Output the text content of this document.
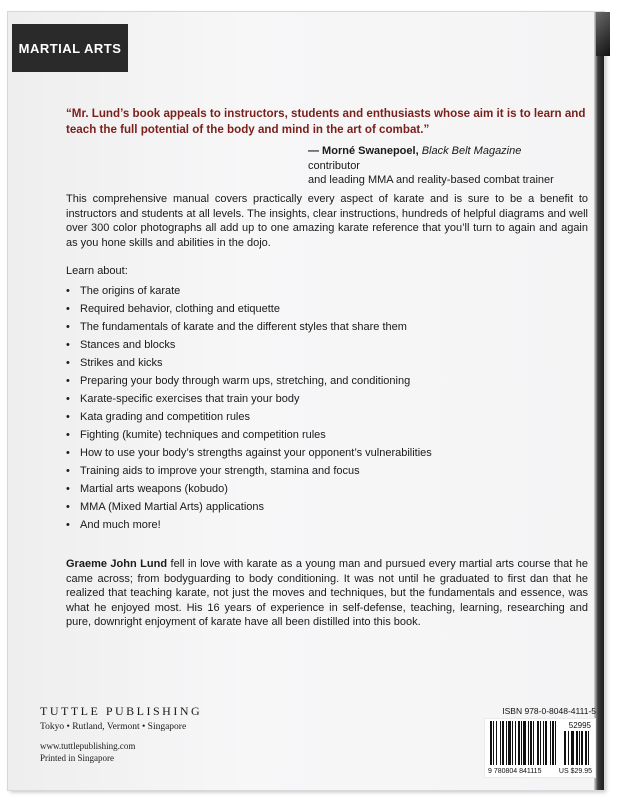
MARTIAL ARTS

“Mr. Lund’s book appeals to instructors, students and enthusiasts whose aim it is to learn and teach the full potential of the body and mind in the art of combat.”

— Morné Swanepoel, Black Belt Magazine contributor
and leading MMA and reality-based combat trainer

This comprehensive manual covers practically every aspect of karate and is sure to be a benefit to instructors and students at all levels. The insights, clear instructions, hundreds of helpful diagrams and well over 300 color photographs all add up to one amazing karate reference that you’ll turn to again and again as you hone skills and abilities in the dojo.

Learn about:

• The origins of karate
• Required behavior, clothing and etiquette
• The fundamentals of karate and the different styles that share them
• Stances and blocks
• Strikes and kicks
• Preparing your body through warm ups, stretching, and conditioning
• Karate-specific exercises that train your body
• Kata grading and competition rules
• Fighting (kumite) techniques and competition rules
• How to use your body’s strengths against your opponent’s vulnerabilities
• Training aids to improve your strength, stamina and focus
• Martial arts weapons (kobudo)
• MMA (Mixed Martial Arts) applications
• And much more!

Graeme John Lund fell in love with karate as a young man and pursued every martial arts course that he came across; from bodyguarding to body conditioning. It was not until he graduated to first dan that he realized that teaching karate, not just the moves and techniques, but the fundamentals and essence, was what he enjoyed most. His 16 years of experience in self-defense, teaching, learning, researching and pure, downright enjoyment of karate have all been distilled into this book.

TUTTLE PUBLISHING
Tokyo • Rutland, Vermont • Singapore
www.tuttlepublishing.com
Printed in Singapore
ISBN 978-0-8048-4111-5
52995
9 780804 841115 US $29.95
